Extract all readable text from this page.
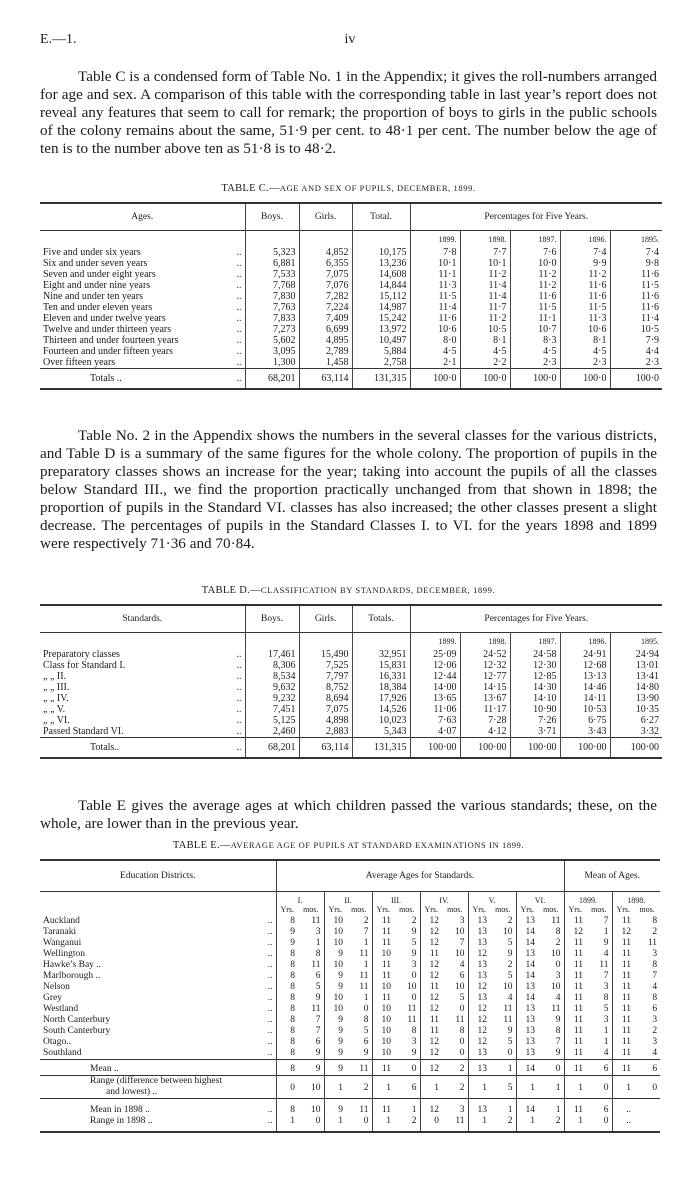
E.—1.	iv

Table C is a condensed form of Table No. 1 in the Appendix; it gives the roll-numbers arranged for age and sex. A comparison of this table with the corresponding table in last year’s report does not reveal any features that seem to call for remark; the proportion of boys to girls in the public schools of the colony remains about the same, 51·9 per cent. to 48·1 per cent. The number below the age of ten is to the number above ten as 51·8 is to 48·2.

TABLE C.—AGE AND SEX OF PUPILS, DECEMBER, 1899.

Ages.	Boys.	Girls.	Total.	Percentages for Five Years.				
				1899.	1898.	1897.	1896.	1895.
Five and under six years ..	5,323	4,852	10,175	7·8	7·7	7·6	7·4	7·4
Six and under seven years ..	6,881	6,355	13,236	10·1	10·1	10·0	9·9	9·8
Seven and under eight years ..	7,533	7,075	14,608	11·1	11·2	11·2	11·2	11·6
Eight and under nine years ..	7,768	7,076	14,844	11·3	11·4	11·2	11·6	11·5
Nine and under ten years ..	7,830	7,282	15,112	11·5	11·4	11·6	11·6	11·6
Ten and under eleven years ..	7,763	7,224	14,987	11·4	11·7	11·5	11·5	11·6
Eleven and under twelve years ..	7,833	7,409	15,242	11·6	11·2	11·1	11·3	11·4
Twelve and under thirteen years ..	7,273	6,699	13,972	10·6	10·5	10·7	10·6	10·5
Thirteen and under fourteen years ..	5,602	4,895	10,497	8·0	8·1	8·3	8·1	7·9
Fourteen and under fifteen years ..	3,095	2,789	5,884	4·5	4·5	4·5	4·5	4·4
Over fifteen years ..	1,300	1,458	2,758	2·1	2·2	2·3	2·3	2·3
Totals .. ..	68,201	63,114	131,315	100·0	100·0	100·0	100·0	100·0

Table No. 2 in the Appendix shows the numbers in the several classes for the various districts, and Table D is a summary of the same figures for the whole colony. The proportion of pupils in the preparatory classes shows an increase for the year; taking into account the pupils of all the classes below Standard III., we find the proportion practically unchanged from that shown in 1898; the proportion of pupils in the Standard VI. classes has also increased; the other classes present a slight decrease. The percentages of pupils in the Standard Classes I. to VI. for the years 1898 and 1899 were respectively 71·36 and 70·84.

TABLE D.—CLASSIFICATION BY STANDARDS, DECEMBER, 1899.

Standards.	Boys.	Girls.	Totals.	Percentages for Five Years.				
				1899.	1898.	1897.	1896.	1895.
Preparatory classes ..	17,461	15,490	32,951	25·09	24·52	24·58	24·91	24·94
Class for Standard I. ..	8,306	7,525	15,831	12·06	12·32	12·30	12·68	13·01
„ „ II. ..	8,534	7,797	16,331	12·44	12·77	12·85	13·13	13·41
„ „ III. ..	9,632	8,752	18,384	14·00	14·15	14·30	14·46	14·80
„ „ IV. ..	9,232	8,694	17,926	13·65	13·67	14·10	14·11	13·90
„ „ V. ..	7,451	7,075	14,526	11·06	11·17	10·90	10·53	10·35
„ „ VI. ..	5,125	4,898	10,023	7·63	7·28	7·26	6·75	6·27
Passed Standard VI. ..	2,460	2,883	5,343	4·07	4·12	3·71	3·43	3·32
Totals.. ..	68,201	63,114	131,315	100·00	100·00	100·00	100·00	100·00

Table E gives the average ages at which children passed the various standards; these, on the whole, are lower than in the previous year.

TABLE E.—AVERAGE AGE OF PUPILS AT STANDARD EXAMINATIONS IN 1899.

Education Districts.	Average Ages for Standards.												Mean of Ages.			
	I.		II.		III.		IV.		V.		VI.		1899.		1898.	
	Yrs.	mos.	Yrs.	mos.	Yrs.	mos.	Yrs.	mos.	Yrs.	mos.	Yrs.	mos.	Yrs.	mos.	Yrs.	mos.
Auckland ..	8	11	10	2	11	2	12	3	13	2	13	11	11	7	11	8
Taranaki ..	9	3	10	7	11	9	12	10	13	10	14	8	12	1	12	2
Wanganui ..	9	1	10	1	11	5	12	7	13	5	14	2	11	9	11	11
Wellington ..	8	8	9	11	10	9	11	10	12	9	13	10	11	4	11	3
Hawke’s Bay .. ..	8	11	10	1	11	3	12	4	13	2	14	0	11	11	11	8
Marlborough .. ..	8	6	9	11	11	0	12	6	13	5	14	3	11	7	11	7
Nelson ..	8	5	9	11	10	10	11	10	12	10	13	10	11	3	11	4
Grey ..	8	9	10	1	11	0	12	5	13	4	14	4	11	8	11	8
Westland ..	8	11	10	0	10	11	12	0	12	11	13	11	11	5	11	6
North Canterbury ..	8	7	9	8	10	11	11	11	12	11	13	9	11	3	11	3
South Canterbury ..	8	7	9	5	10	8	11	8	12	9	13	8	11	1	11	2
Otago.. ..	8	6	9	6	10	3	12	0	12	5	13	7	11	1	11	3
Southland ..	8	9	9	9	10	9	12	0	13	0	13	9	11	4	11	4
Mean ..	8	9	9	11	11	0	12	2	13	1	14	0	11	6	11	6

Range (difference between highest
and lowest) ..	0	10	1	2	1	6	1	2	1	5	1	1	1	0	1	0
Mean in 1898 .. ..	8	10	9	11	11	1	12	3	13	1	14	1	11	6	..	
Range in 1898 .. ..	1	0	1	0	1	2	0	11	1	2	1	2	1	0	..	
